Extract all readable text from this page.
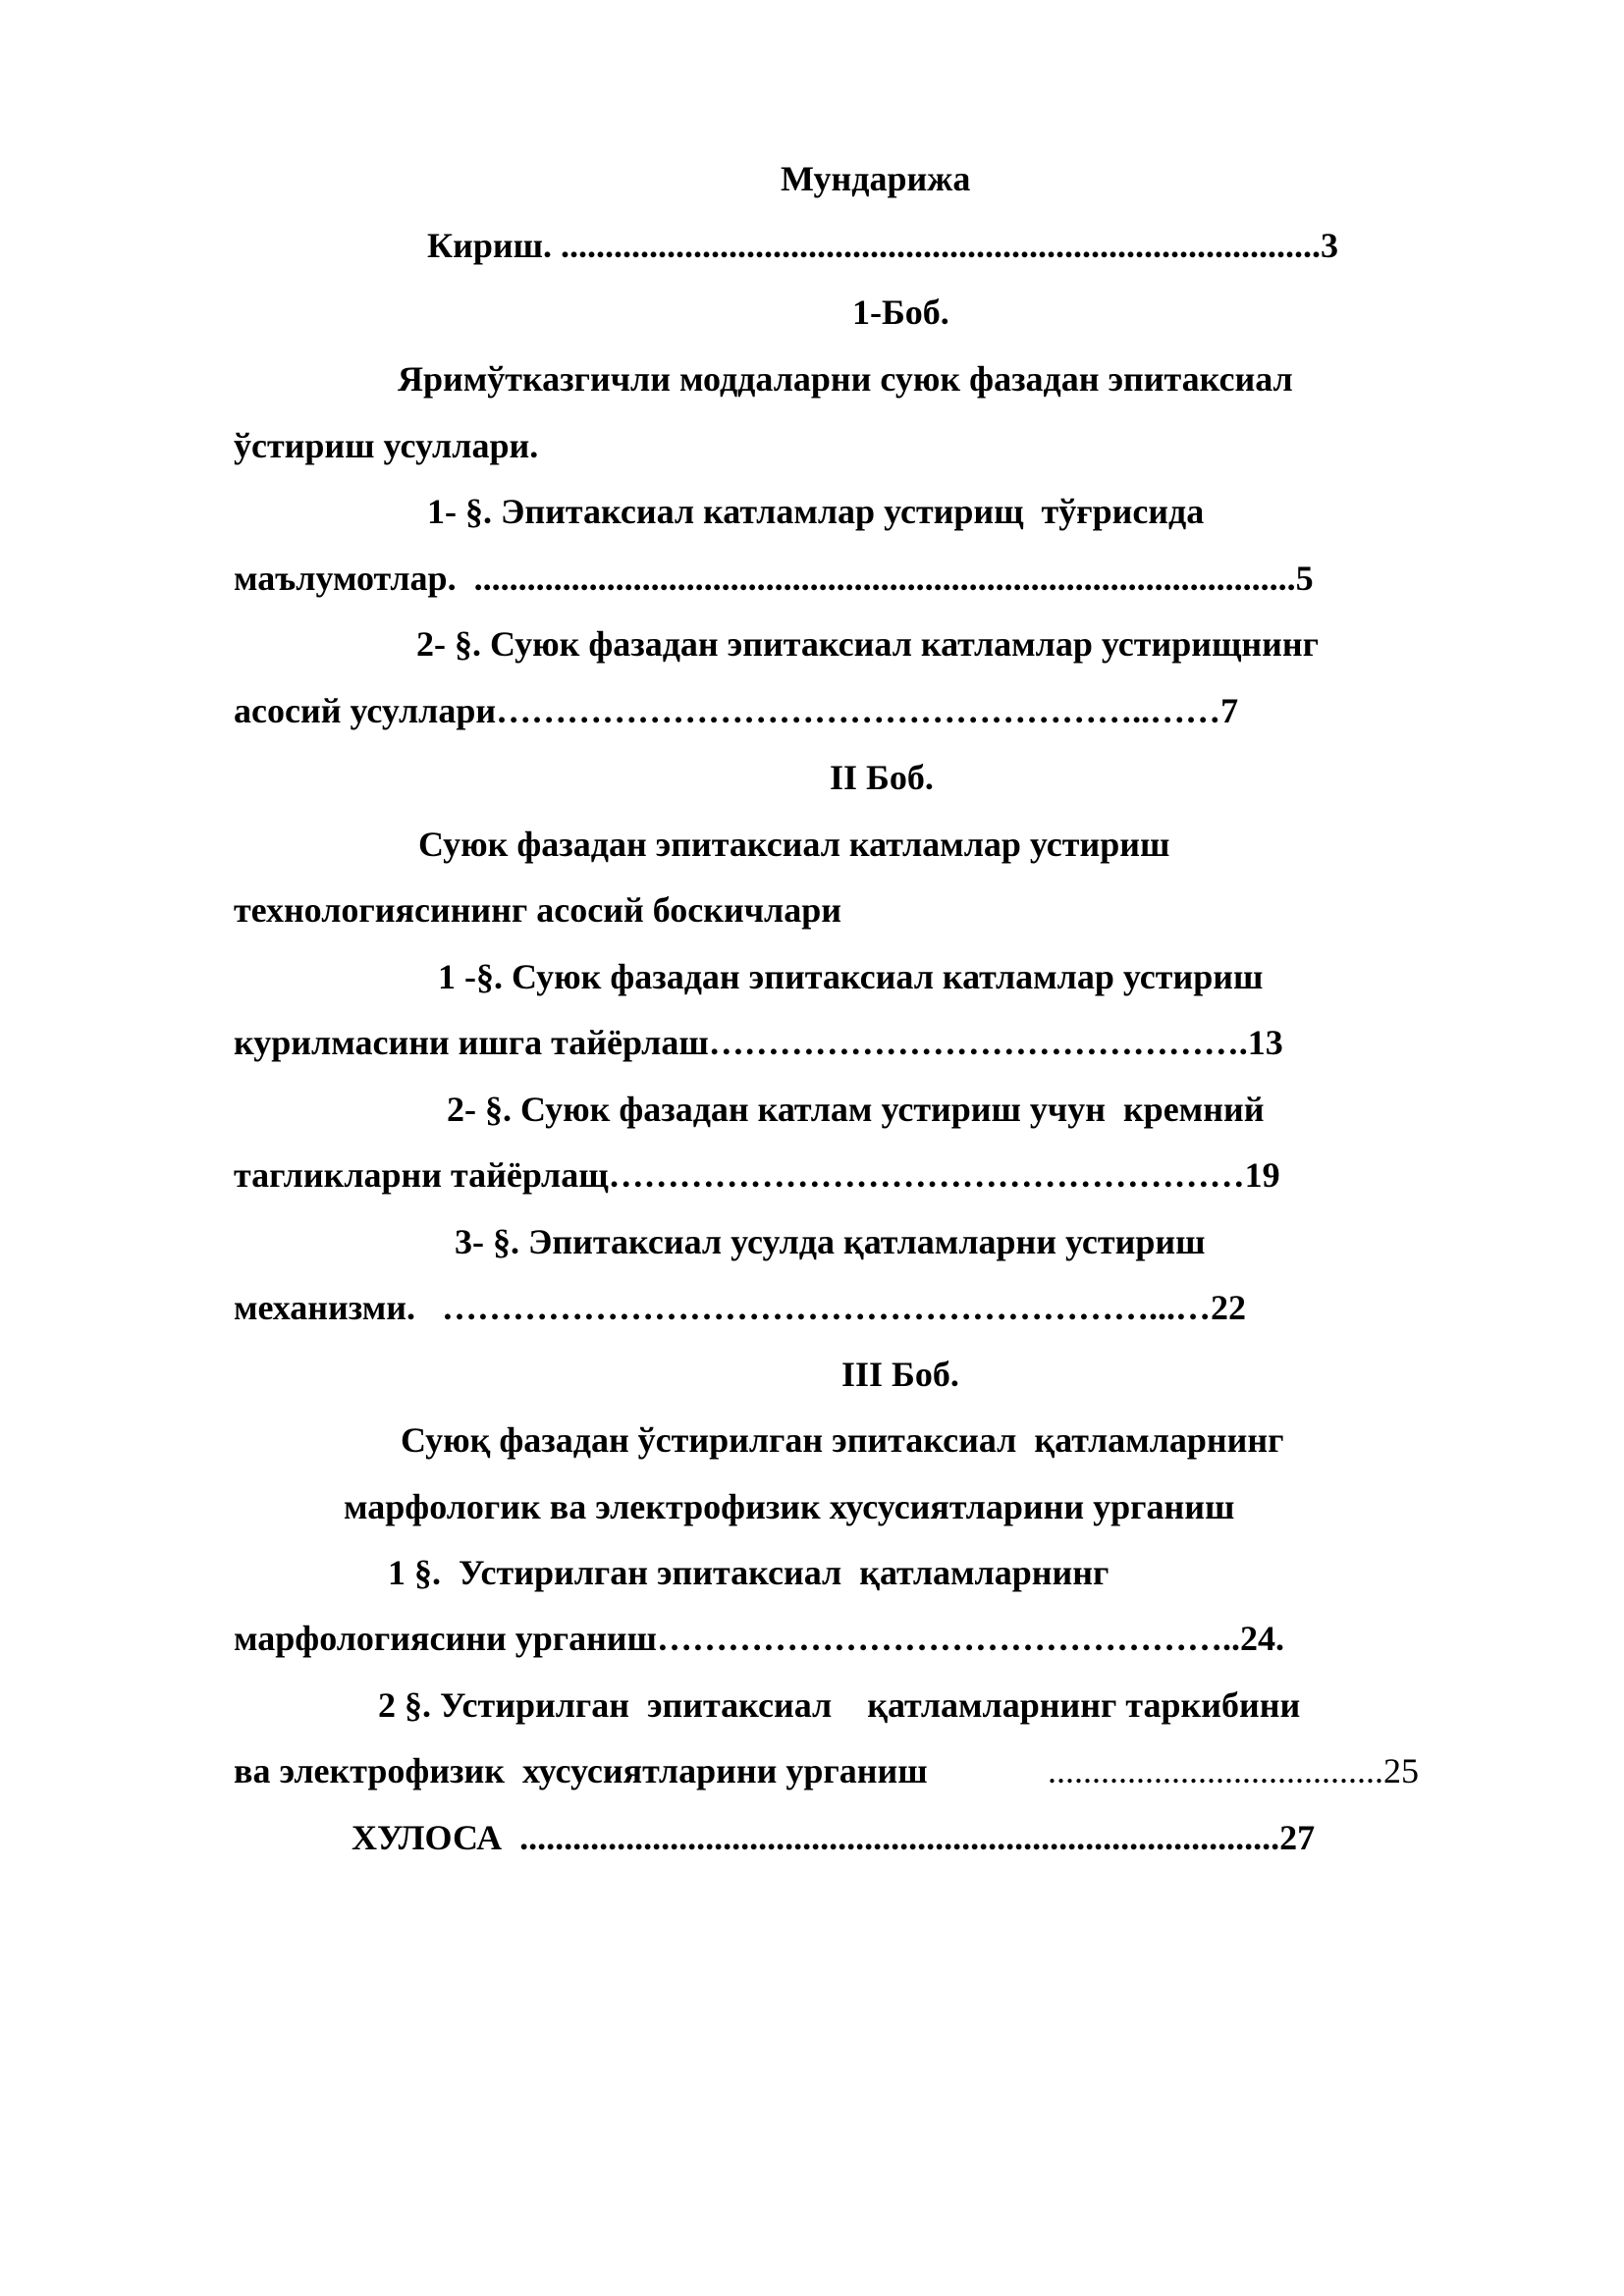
Мундарижа
Кириш. ......................................................................................3
1-Боб.
Яримўтказгичли моддаларни суюк фазадан эпитаксиал
ўстириш усуллари.
1- §. Эпитаксиал катламлар устирищ  тўғрисида
маълумотлар.  .............................................................................................5
2- §. Суюк фазадан эпитаксиал катламлар устирищнинг
асосий усуллари………………………………………………..……7
II Боб.
Суюк фазадан эпитаксиал катламлар устириш
технологиясининг асосий боскичлари
1 -§. Суюк фазадан эпитаксиал катламлар устириш
курилмасини ишга тайёрлаш……………………………………….13
2- §. Суюк фазадан катлам устириш учун  кремний
тагликларни тайёрлащ………………………………………………19
3- §. Эпитаксиал усулда қатламларни устириш
механизми.   ……………………………………………………...…22
III Боб.
Суюқ фазадан ўстирилган эпитаксиал  қатламларнинг
марфологик ва электрофизик хусусиятларини урганиш
1 §.  Устирилган эпитаксиал  қатламларнинг
марфологиясини урганиш…………………………………………..24.
2 §. Устирилган  эпитаксиал    қатламларнинг таркибини
ва электрофизик  хусусиятларини урганиш	......................................25
ХУЛОСА  ......................................................................................27
